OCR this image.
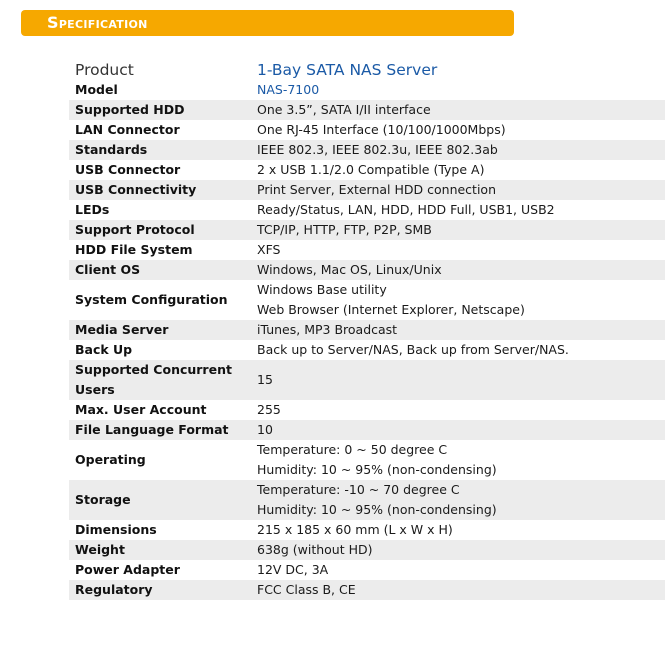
Specification
Product	1-Bay SATA NAS Server
Model	NAS-7100

Supported HDD	One 3.5”, SATA I/II interface

LAN Connector	One RJ-45 Interface (10/100/1000Mbps)

Standards	IEEE 802.3, IEEE 802.3u, IEEE 802.3ab

USB Connector	2 x USB 1.1/2.0 Compatible (Type A)

USB Connectivity	Print Server, External HDD connection

LEDs	Ready/Status, LAN, HDD, HDD Full, USB1, USB2

Support Protocol	TCP/IP, HTTP, FTP, P2P, SMB

HDD File System	XFS

Client OS	Windows, Mac OS, Linux/Unix

System Configuration	Windows Base utility
Web Browser (Internet Explorer, Netscape)

Media Server	iTunes, MP3 Broadcast

Back Up	Back up to Server/NAS, Back up from Server/NAS.

Supported Concurrent
Users	15

Max. User Account	255

File Language Format	10

Operating	Temperature: 0 ~ 50 degree C
Humidity: 10 ~ 95% (non-condensing)

Storage	Temperature: -10 ~ 70 degree C
Humidity: 10 ~ 95% (non-condensing)

Dimensions	215 x 185 x 60 mm (L x W x H)

Weight	638g (without HD)

Power Adapter	12V DC, 3A

Regulatory	FCC Class B, CE
